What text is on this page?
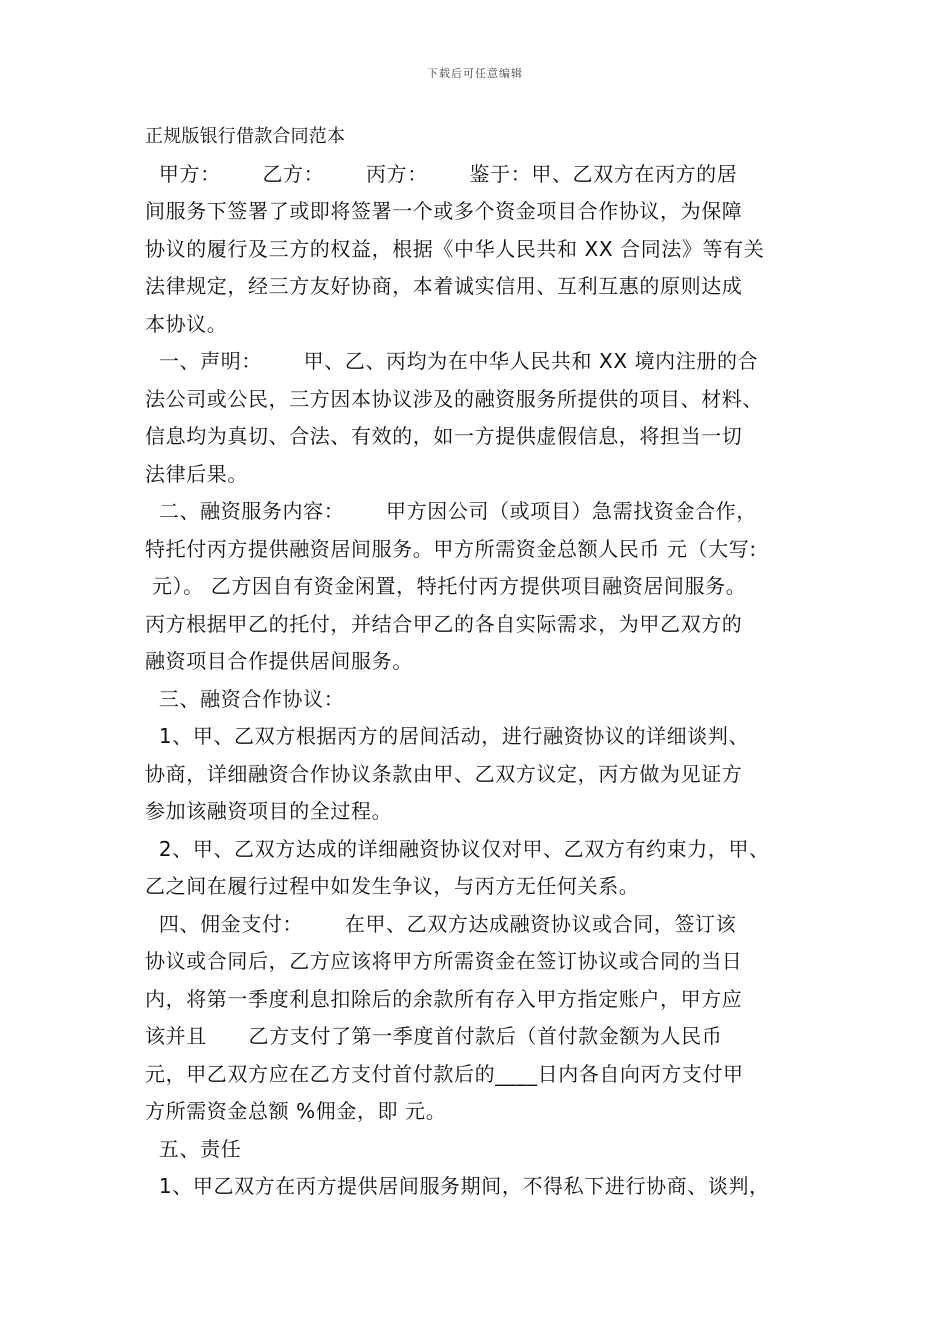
下载后可任意编辑
正规版银行借款合同范本
甲方：      乙方：      丙方：      鉴于：甲、乙双方在丙方的居
间服务下签署了或即将签署一个或多个资金项目合作协议，为保障
协议的履行及三方的权益，根据《中华人民共和 XX 合同法》等有关
法律规定，经三方友好协商，本着诚实信用、互利互惠的原则达成
本协议。
一、声明：      甲、乙、丙均为在中华人民共和 XX 境内注册的合
法公司或公民，三方因本协议涉及的融资服务所提供的项目、材料、
信息均为真切、合法、有效的，如一方提供虚假信息，将担当一切
法律后果。
二、融资服务内容：      甲方因公司（或项目）急需找资金合作，
特托付丙方提供融资居间服务。甲方所需资金总额人民币 元（大写:
元）。 乙方因自有资金闲置，特托付丙方提供项目融资居间服务。
丙方根据甲乙的托付，并结合甲乙的各自实际需求，为甲乙双方的
融资项目合作提供居间服务。
三、融资合作协议：
1、甲、乙双方根据丙方的居间活动，进行融资协议的详细谈判、
协商，详细融资合作协议条款由甲、乙双方议定，丙方做为见证方
参加该融资项目的全过程。
2、甲、乙双方达成的详细融资协议仅对甲、乙双方有约束力，甲、
乙之间在履行过程中如发生争议，与丙方无任何关系。
四、佣金支付：      在甲、乙双方达成融资协议或合同，签订该
协议或合同后，乙方应该将甲方所需资金在签订协议或合同的当日
内，将第一季度利息扣除后的余款所有存入甲方指定账户，甲方应
该并且      乙方支付了第一季度首付款后（首付款金额为人民币
元，甲乙双方应在乙方支付首付款后的____日内各自向丙方支付甲
方所需资金总额 %佣金，即 元。
五、责任
1、甲乙双方在丙方提供居间服务期间，不得私下进行协商、谈判，
